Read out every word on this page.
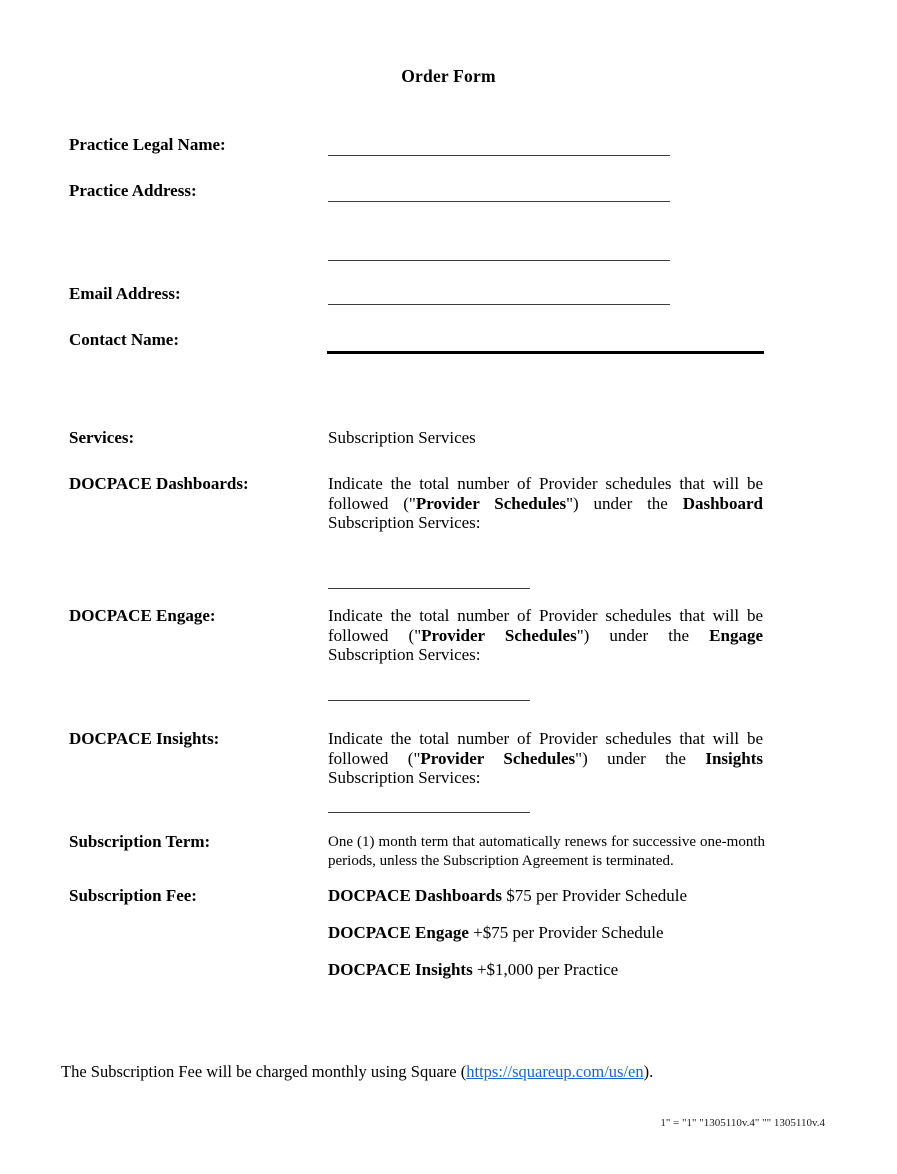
Order Form
Practice Legal Name:
Practice Address:
Email Address:
Contact Name:
Services:	Subscription Services
DOCPACE Dashboards:	Indicate the total number of Provider schedules that will be followed ("Provider Schedules") under the Dashboard Subscription Services:
DOCPACE Engage:	Indicate the total number of Provider schedules that will be followed ("Provider Schedules") under the Engage Subscription Services:
DOCPACE Insights:	Indicate the total number of Provider schedules that will be followed ("Provider Schedules") under the Insights Subscription Services:
Subscription Term:	One (1) month term that automatically renews for successive one-month periods, unless the Subscription Agreement is terminated.
Subscription Fee:	DOCPACE Dashboards $75 per Provider Schedule
DOCPACE Engage +$75 per Provider Schedule
DOCPACE Insights +$1,000 per Practice
The Subscription Fee will be charged monthly using Square (https://squareup.com/us/en).
1" = "1" "1305110v.4" "" 1305110v.4
